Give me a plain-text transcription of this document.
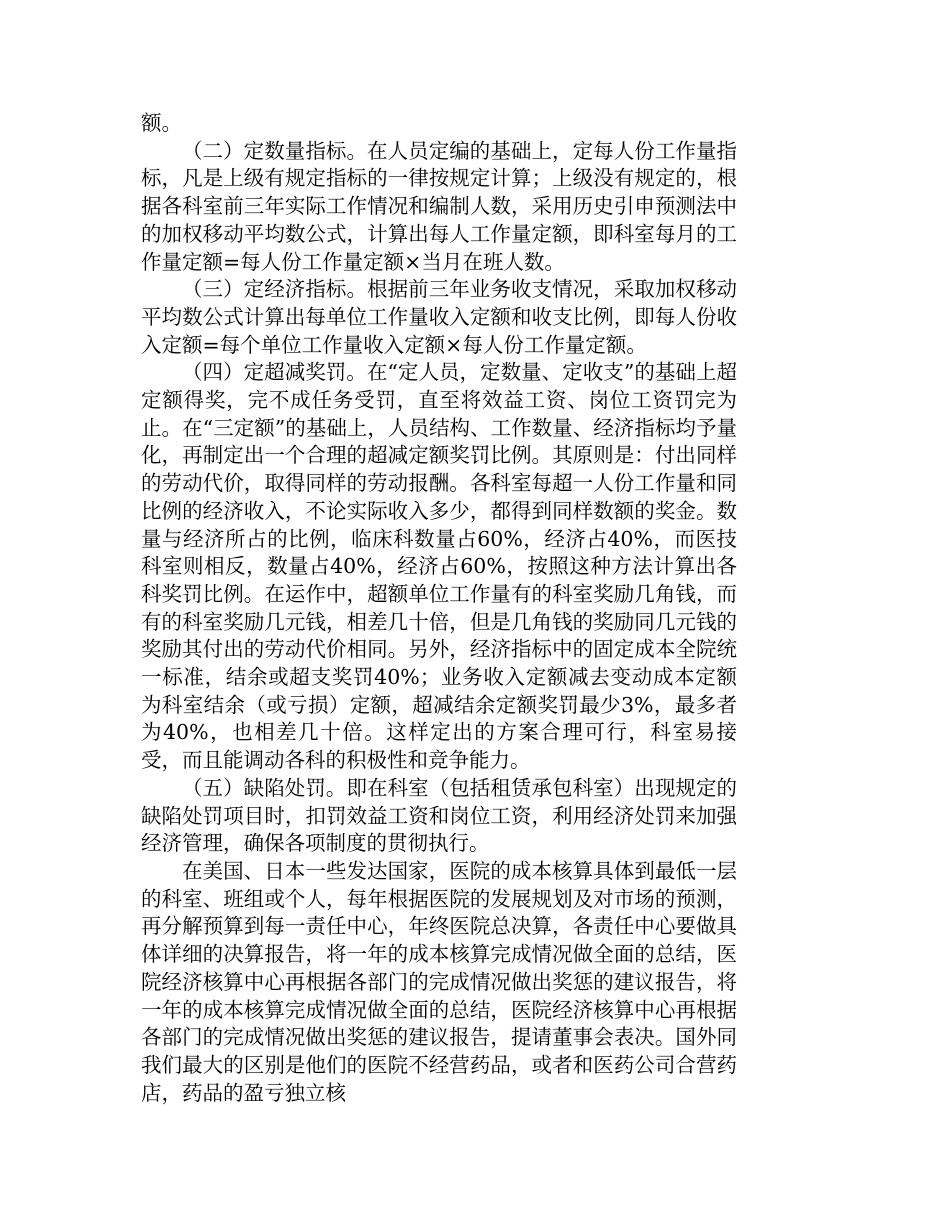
额。

（二）定数量指标。在人员定编的基础上，定每人份工作量指标，凡是上级有规定指标的一律按规定计算；上级没有规定的，根据各科室前三年实际工作情况和编制人数，采用历史引申预测法中的加权移动平均数公式，计算出每人工作量定额，即科室每月的工作量定额=每人份工作量定额×当月在班人数。

（三）定经济指标。根据前三年业务收支情况，采取加权移动平均数公式计算出每单位工作量收入定额和收支比例，即每人份收入定额=每个单位工作量收入定额×每人份工作量定额。

（四）定超减奖罚。在“定人员，定数量、定收支”的基础上超定额得奖，完不成任务受罚，直至将效益工资、岗位工资罚完为止。在“三定额”的基础上，人员结构、工作数量、经济指标均予量化，再制定出一个合理的超减定额奖罚比例。其原则是：付出同样的劳动代价，取得同样的劳动报酬。各科室每超一人份工作量和同比例的经济收入，不论实际收入多少，都得到同样数额的奖金。数量与经济所占的比例，临床科数量占60%，经济占40%，而医技科室则相反，数量占40%，经济占60%，按照这种方法计算出各科奖罚比例。在运作中，超额单位工作量有的科室奖励几角钱，而有的科室奖励几元钱，相差几十倍，但是几角钱的奖励同几元钱的奖励其付出的劳动代价相同。另外，经济指标中的固定成本全院统一标准，结余或超支奖罚40%；业务收入定额减去变动成本定额为科室结余（或亏损）定额，超减结余定额奖罚最少3%，最多者为40%，也相差几十倍。这样定出的方案合理可行，科室易接受，而且能调动各科的积极性和竞争能力。

（五）缺陷处罚。即在科室（包括租赁承包科室）出现规定的缺陷处罚项目时，扣罚效益工资和岗位工资，利用经济处罚来加强经济管理，确保各项制度的贯彻执行。

在美国、日本一些发达国家，医院的成本核算具体到最低一层的科室、班组或个人，每年根据医院的发展规划及对市场的预测，再分解预算到每一责任中心，年终医院总决算，各责任中心要做具体详细的决算报告，将一年的成本核算完成情况做全面的总结，医院经济核算中心再根据各部门的完成情况做出奖惩的建议报告，将一年的成本核算完成情况做全面的总结，医院经济核算中心再根据各部门的完成情况做出奖惩的建议报告，提请董事会表决。国外同我们最大的区别是他们的医院不经营药品，或者和医药公司合营药店，药品的盈亏独立核
